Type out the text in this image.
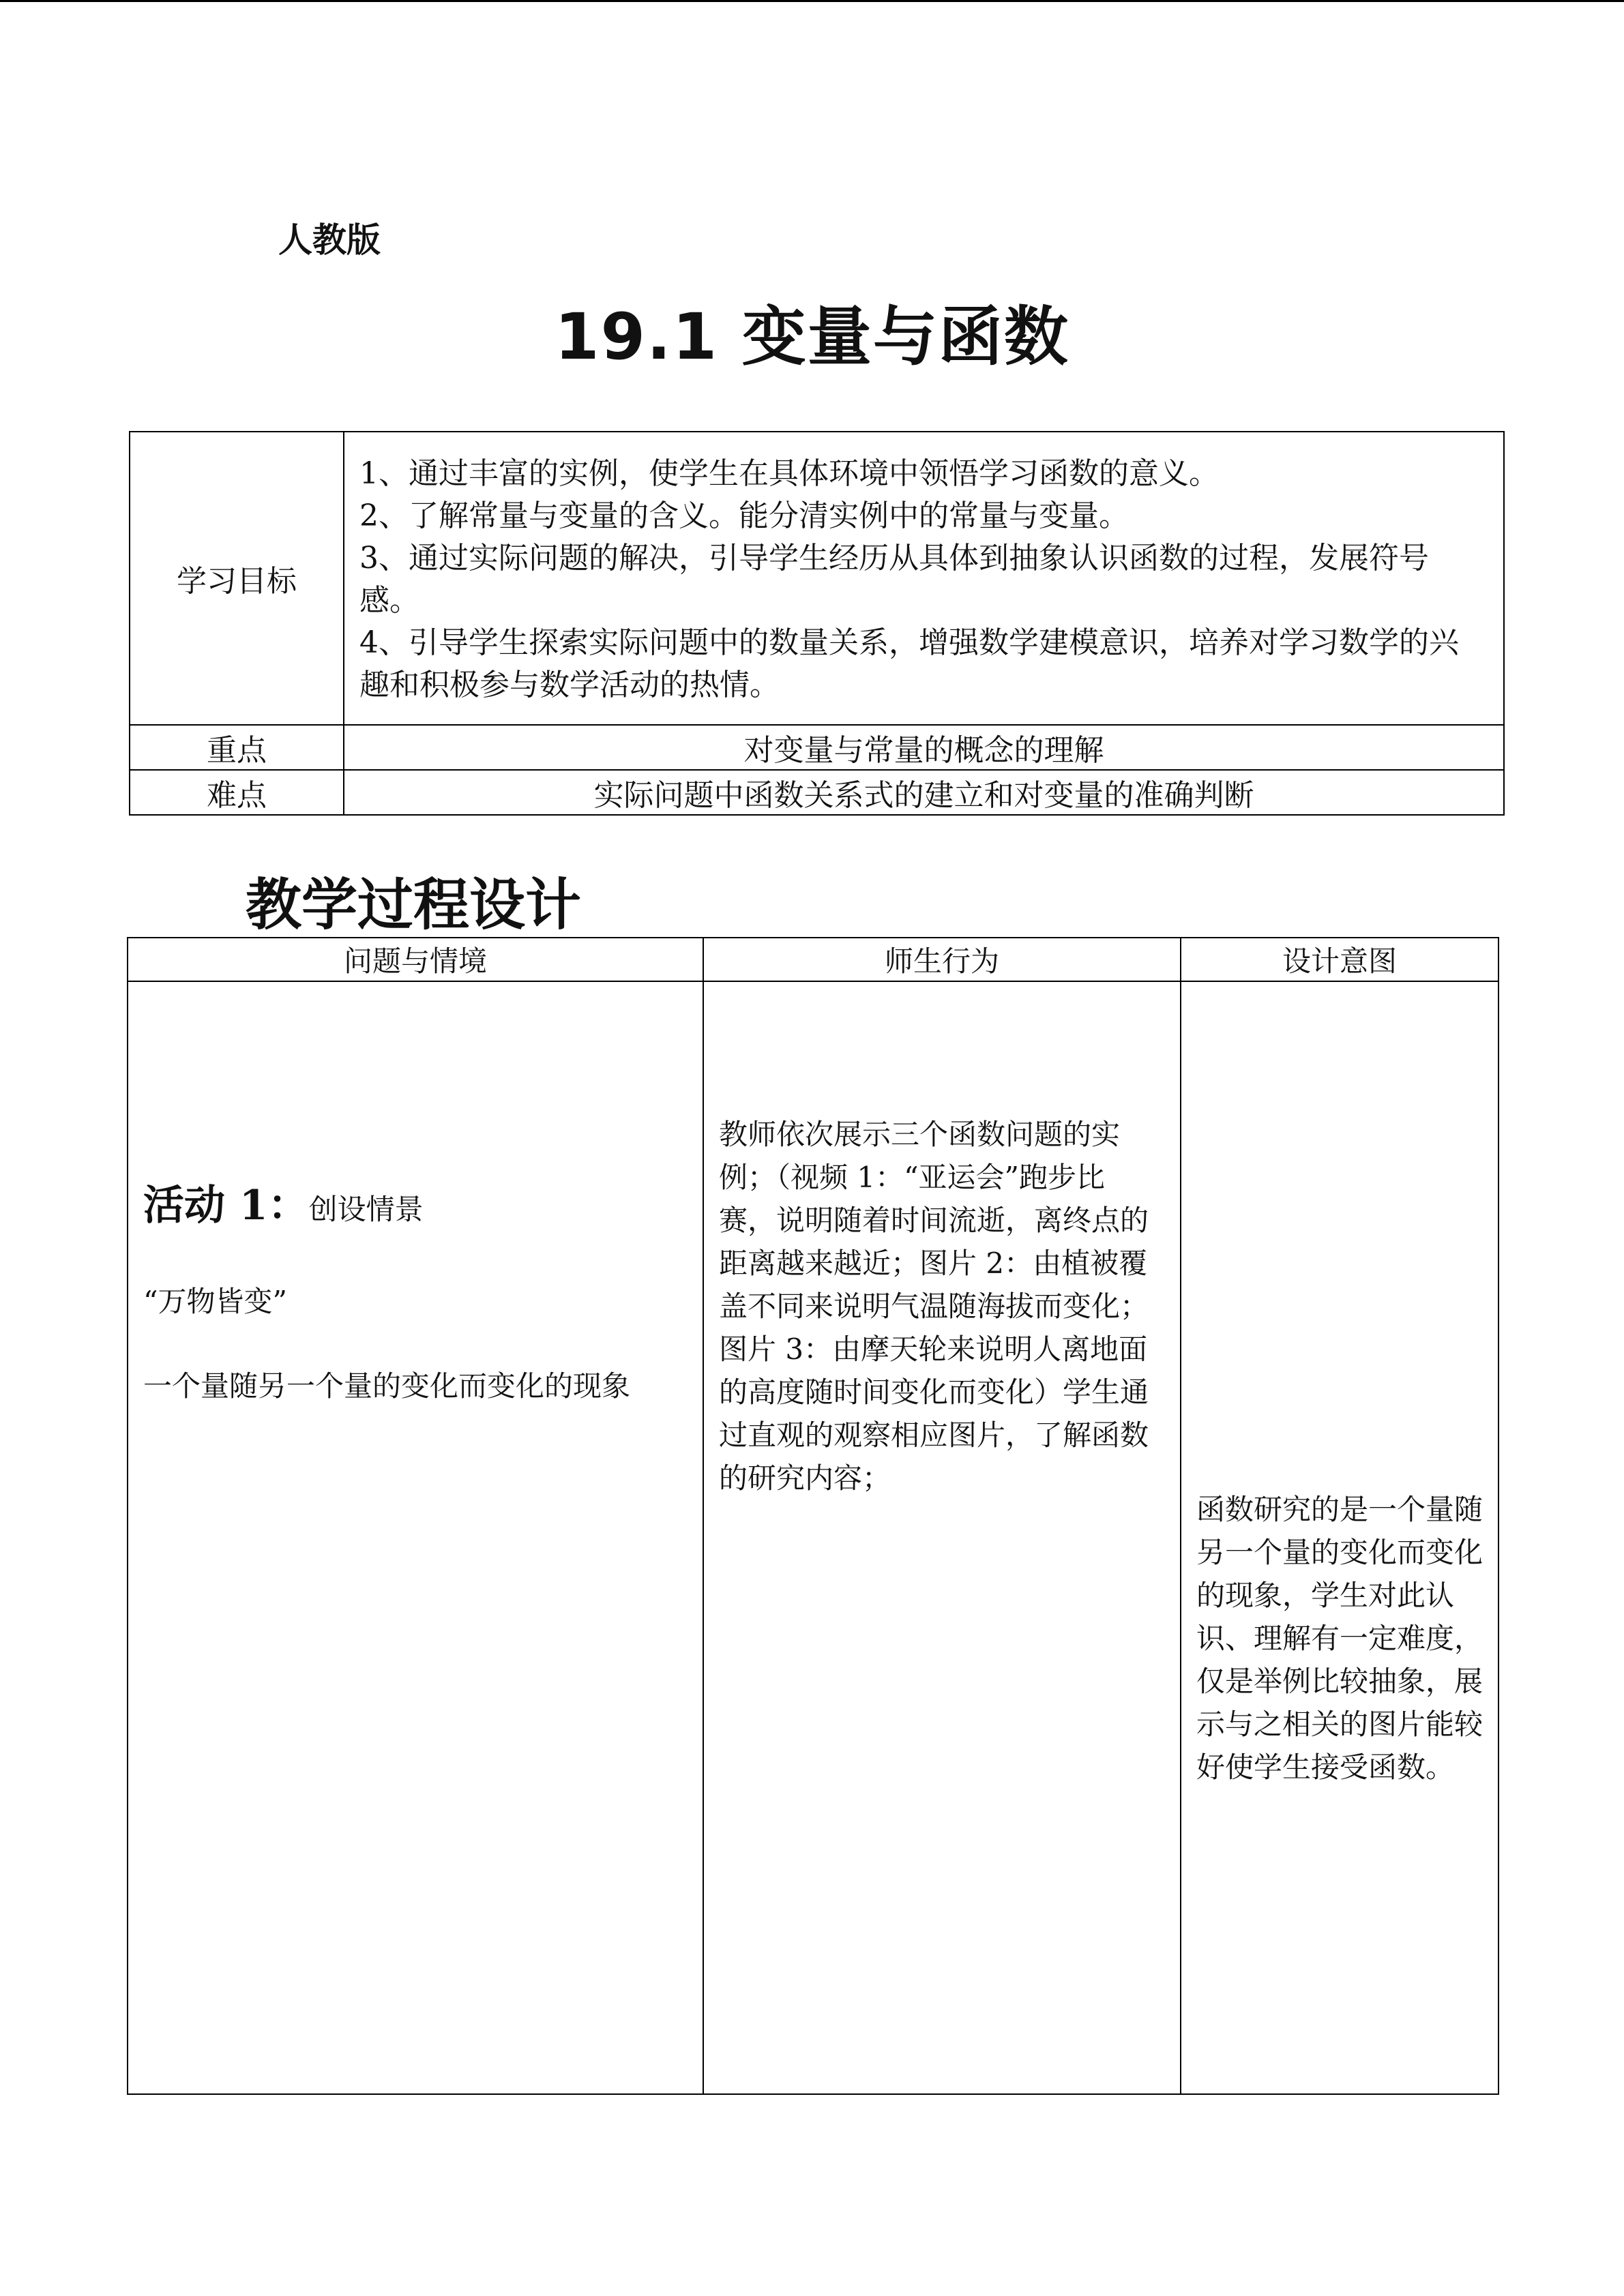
人教版
19.1 变量与函数
学习目标	1、通过丰富的实例，使学生在具体环境中领悟学习函数的意义。
2、了解常量与变量的含义。能分清实例中的常量与变量。
3、通过实际问题的解决，引导学生经历从具体到抽象认识函数的过程，发展符号感。
4、引导学生探索实际问题中的数量关系，增强数学建模意识，培养对学习数学的兴趣和积极参与数学活动的热情。

重点	对变量与常量的概念的理解
难点	实际问题中函数关系式的建立和对变量的准确判断
教学过程设计
问题与情境	师生行为	设计意图

活动 1：创设情景
“万物皆变”
一个量随另一个量的变化而变化的现象	教师依次展示三个函数问题的实例；（视频 1：“亚运会”跑步比赛，说明随着时间流逝，离终点的距离越来越近；图片 2：由植被覆盖不同来说明气温随海拔而变化；图片 3：由摩天轮来说明人离地面的高度随时间变化而变化）学生通过直观的观察相应图片，了解函数的研究内容；	函数研究的是一个量随另一个量的变化而变化的现象，学生对此认识、理解有一定难度，仅是举例比较抽象，展示与之相关的图片能较好使学生接受函数。
